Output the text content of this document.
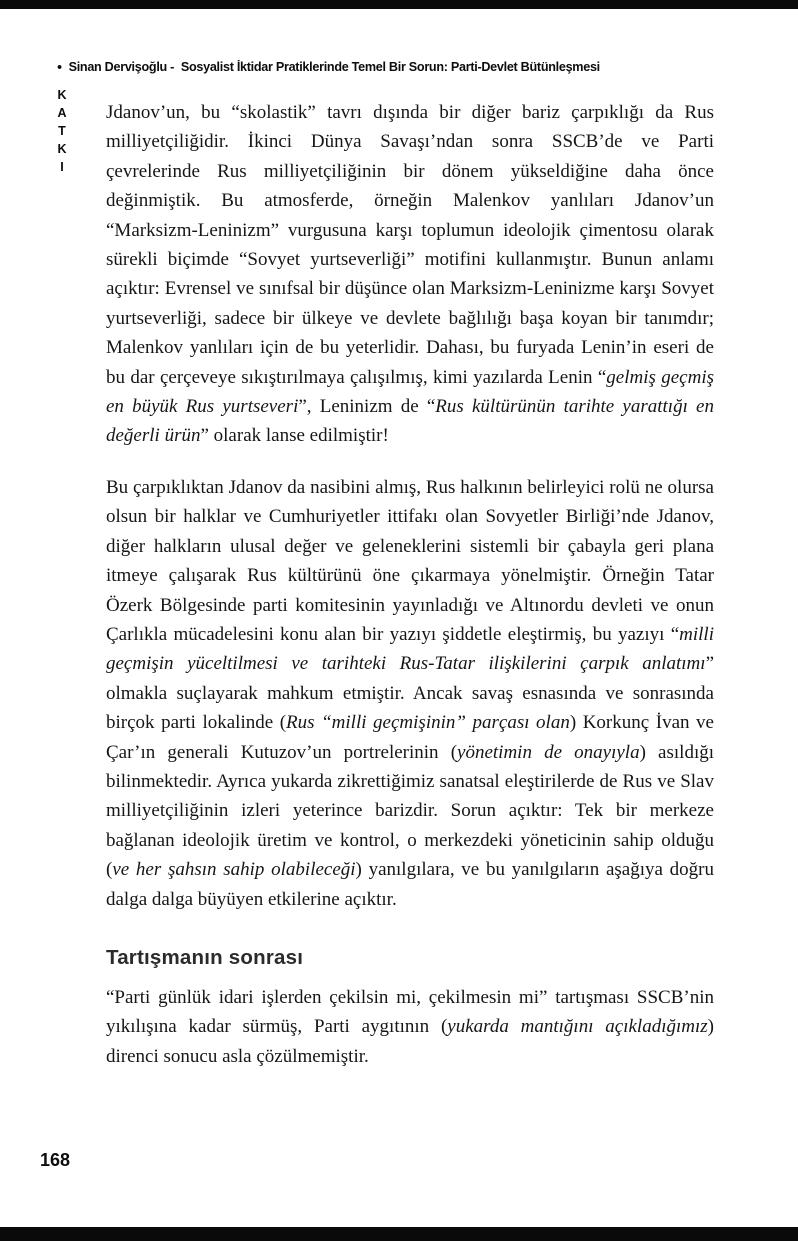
• Sinan Dervişoğlu - Sosyalist İktidar Pratiklerinde Temel Bir Sorun: Parti-Devlet Bütünleşmesi
KATKI Jdanov’un, bu “skolastik” tavrı dışında bir diğer bariz çarpıklığı da Rus milliyetçiliğidir. İkinci Dünya Savaşı’ndan sonra SSCB’de ve Parti çevrelerinde Rus milliyetçiliğinin bir dönem yükseldiğine daha önce değinmiştik. Bu atmosferde, örneğin Malenkov yanlıları Jdanov’un “Marksizm-Leninizm” vurgusuna karşı toplumun ideolojik çimentosu olarak sürekli biçimde “Sovyet yurtseverliği” motifini kullanmıştır. Bunun anlamı açıktır: Evrensel ve sınıfsal bir düşünce olan Marksizm-Leninizme karşı Sovyet yurtseverliği, sadece bir ülkeye ve devlete bağlılığı başa koyan bir tanımdır; Malenkov yanlıları için de bu yeterlidir. Dahası, bu furyada Lenin’in eseri de bu dar çerçeveye sıkıştırılmaya çalışılmış, kimi yazılarda Lenin “gelmiş geçmiş en büyük Rus yurtseveri”, Leninizm de “Rus kültürünün tarihte yarattığı en değerli ürün” olarak lanse edilmiştir!

Bu çarpıklıktan Jdanov da nasibini almış, Rus halkının belirleyici rolü ne olursa olsun bir halklar ve Cumhuriyetler ittifakı olan Sovyetler Birliği’nde Jdanov, diğer halkların ulusal değer ve geleneklerini sistemli bir çabayla geri plana itmeye çalışarak Rus kültürünü öne çıkarmaya yönelmiştir. Örneğin Tatar Özerk Bölgesinde parti komitesinin yayınladığı ve Altınordu devleti ve onun Çarlıkla mücadelesini konu alan bir yazıyı şiddetle eleştirmiş, bu yazıyı “milli geçmişin yüceltilmesi ve tarihteki Rus-Tatar ilişkilerini çarpık anlatımı” olmakla suçlayarak mahkum etmiştir. Ancak savaş esnasında ve sonrasında birçok parti lokalinde (Rus “milli geçmişinin” parçası olan) Korkunç İvan ve Çar’ın generali Kutuzov’un portrelerinin (yönetimin de onayıyla) asıldığı bilinmektedir. Ayrıca yukarda zikrettiğimiz sanatsal eleştirilerde de Rus ve Slav milliyetçiliğinin izleri yeterince barizdir. Sorun açıktır: Tek bir merkeze bağlanan ideolojik üretim ve kontrol, o merkezdeki yöneticinin sahip olduğu (ve her şahsın sahip olabileceği) yanılgılara, ve bu yanılgıların aşağıya doğru dalga dalga büyüyen etkilerine açıktır.

Tartışmanın sonrası

“Parti günlük idari işlerden çekilsin mi, çekilmesin mi” tartışması SSCB’nin yıkılışına kadar sürmüş, Parti aygıtının (yukarda mantığını açıkladığımız) direnci sonucu asla çözülmemiştir.

168
